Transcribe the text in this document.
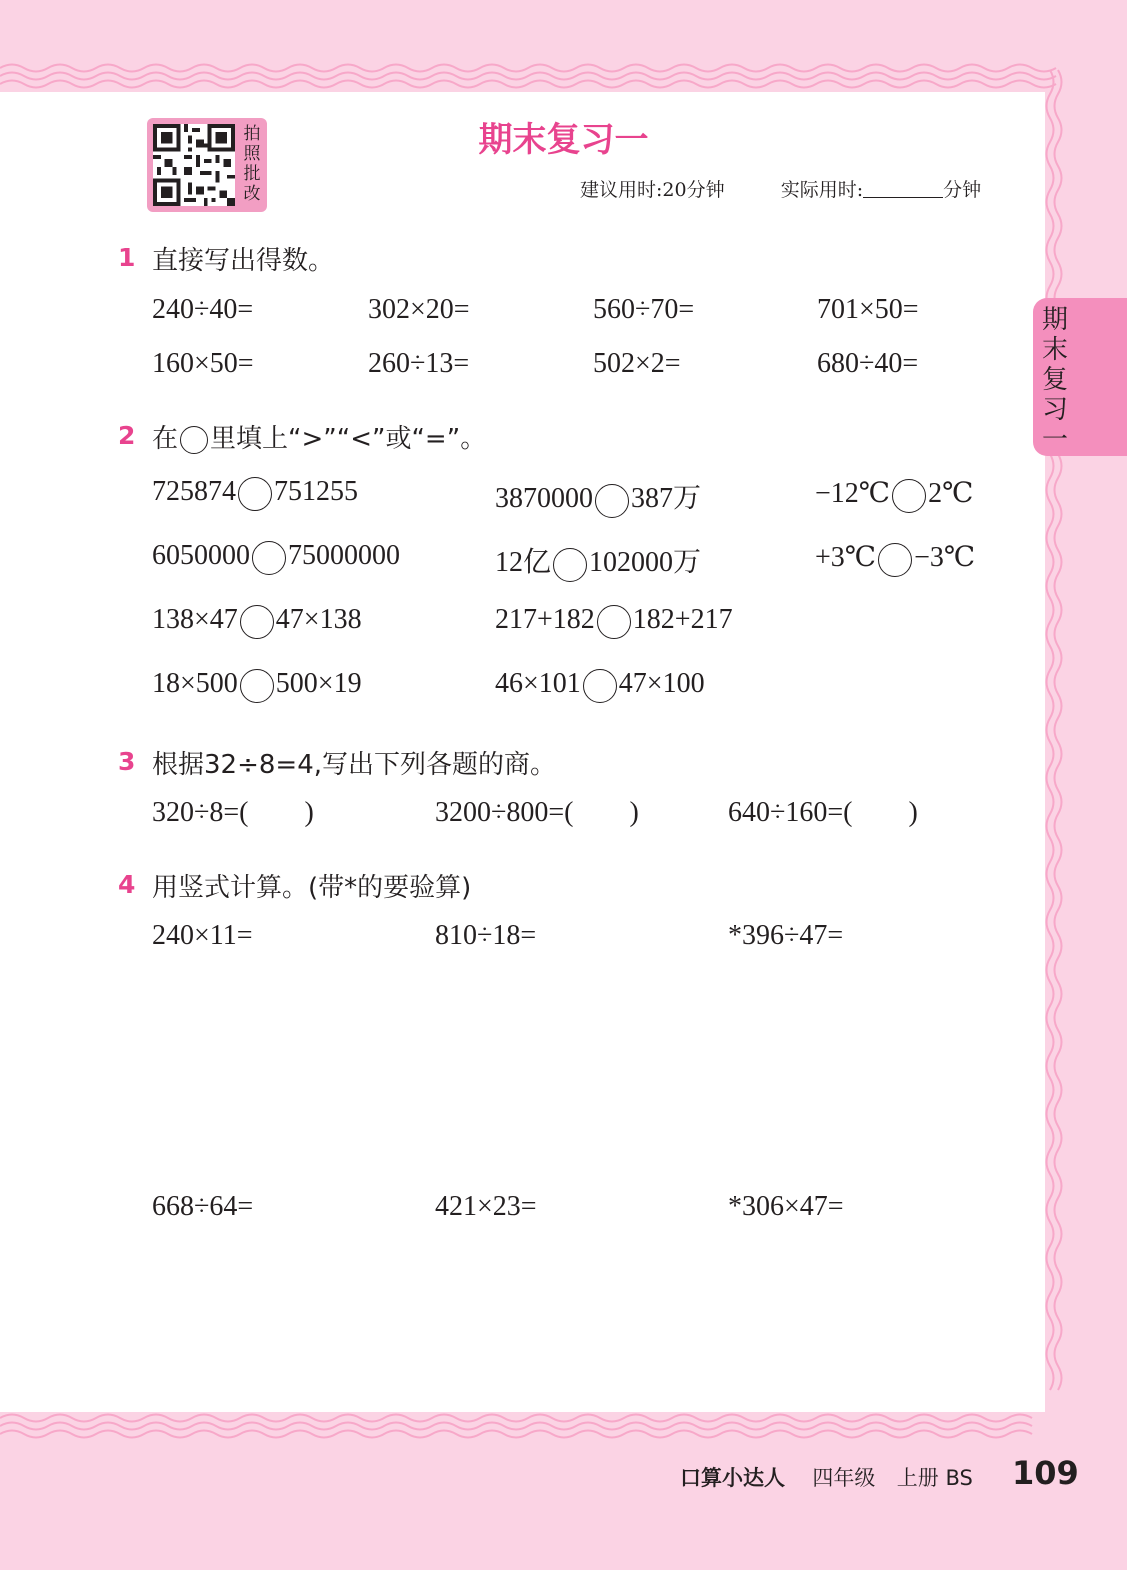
拍照批改
期末复习一
建议用时:20分钟	实际用时:	分钟
期末复习一
1 直接写出得数。
240÷40=	302×20=	560÷70=	701×50=
160×50=	260÷13=	502×2=	680÷40=
2 在 里填上“>”“<”或“=”。
725874 751255	3870000 387万	−12℃ 2℃
6050000 75000000	12亿 102000万	+3℃ −3℃
138×47 47×138	217+182 182+217
18×500 500×19	46×101 47×100
3 根据32÷8=4,写出下列各题的商。
320÷8=(        )	3200÷800=(        )	640÷160=(        )
4 用竖式计算。(带*的要验算)
240×11=	810÷18=	*396÷47=
668÷64=	421×23=	*306×47=
口算小达人 四年级 上册 BS 109
